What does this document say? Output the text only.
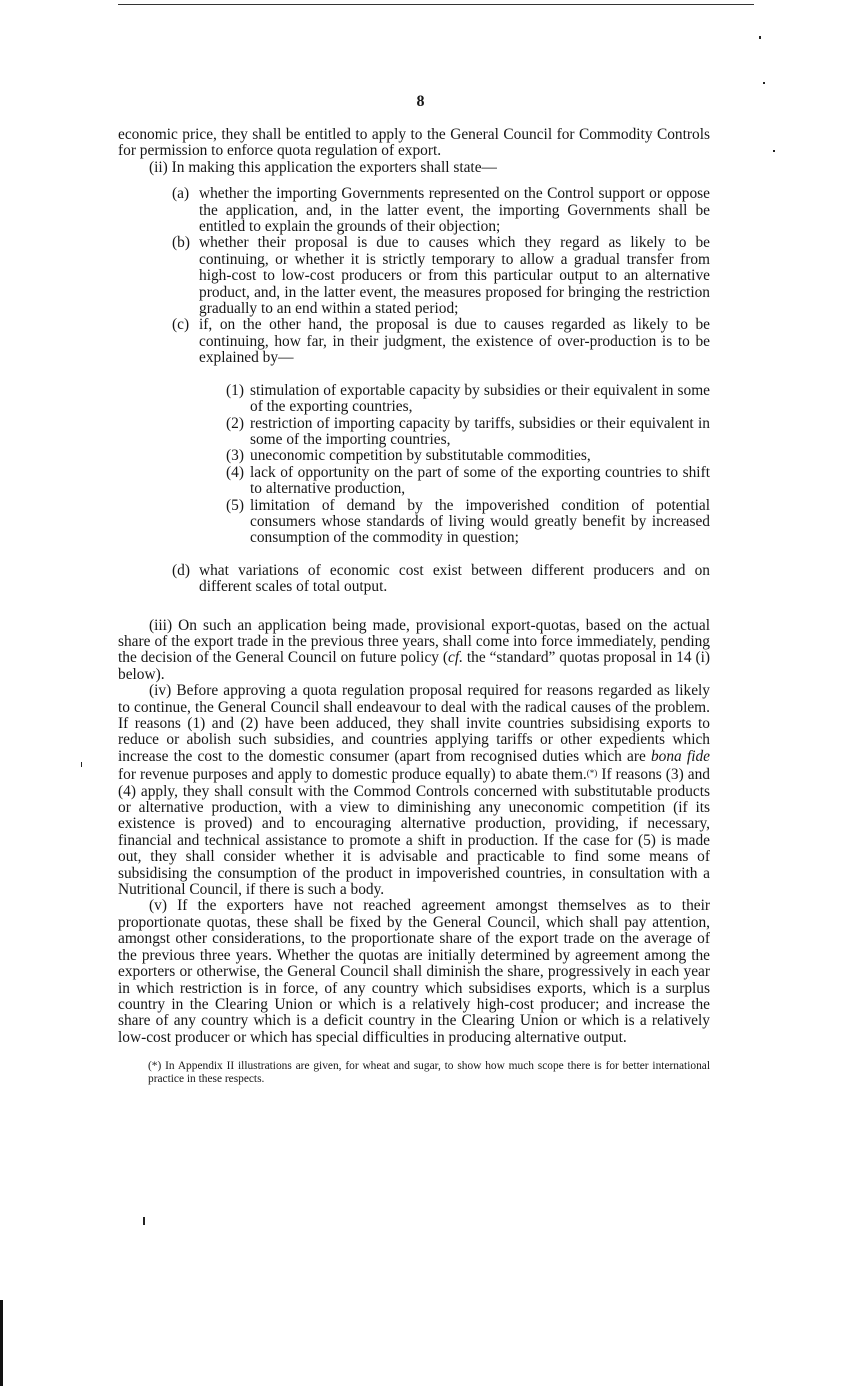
8

economic price, they shall be entitled to apply to the General Council for Commodity Controls for permission to enforce quota regulation of export.

(ii) In making this application the exporters shall state—

(a) whether the importing Governments represented on the Control support or oppose the application, and, in the latter event, the importing Governments shall be entitled to explain the grounds of their objection;

(b) whether their proposal is due to causes which they regard as likely to be continuing, or whether it is strictly temporary to allow a gradual transfer from high-cost to low-cost producers or from this particular output to an alternative product, and, in the latter event, the measures proposed for bringing the restriction gradually to an end within a stated period;

(c) if, on the other hand, the proposal is due to causes regarded as likely to be continuing, how far, in their judgment, the existence of over-production is to be explained by—

(1) stimulation of exportable capacity by subsidies or their equivalent in some of the exporting countries,

(2) restriction of importing capacity by tariffs, subsidies or their equivalent in some of the importing countries,

(3) uneconomic competition by substitutable commodities,

(4) lack of opportunity on the part of some of the exporting countries to shift to alternative production,

(5) limitation of demand by the impoverished condition of potential consumers whose standards of living would greatly benefit by increased consumption of the commodity in question;

(d) what variations of economic cost exist between different producers and on different scales of total output.

(iii) On such an application being made, provisional export-quotas, based on the actual share of the export trade in the previous three years, shall come into force immediately, pending the decision of the General Council on future policy (cf. the “standard” quotas proposal in 14 (i) below).

(iv) Before approving a quota regulation proposal required for reasons regarded as likely to continue, the General Council shall endeavour to deal with the radical causes of the problem. If reasons (1) and (2) have been adduced, they shall invite countries subsidising exports to reduce or abolish such subsidies, and countries applying tariffs or other expedients which increase the cost to the domestic consumer (apart from recognised duties which are bona fide for revenue purposes and apply to domestic produce equally) to abate them.(*) If reasons (3) and (4) apply, they shall consult with the Commod Controls concerned with substitutable products or alternative production, with a view to diminishing any uneconomic competition (if its existence is proved) and to encouraging alternative production, providing, if necessary, financial and technical assistance to promote a shift in production. If the case for (5) is made out, they shall consider whether it is advisable and practicable to find some means of subsidising the consumption of the product in impoverished countries, in consultation with a Nutritional Council, if there is such a body.

(v) If the exporters have not reached agreement amongst themselves as to their proportionate quotas, these shall be fixed by the General Council, which shall pay attention, amongst other considerations, to the proportionate share of the export trade on the average of the previous three years. Whether the quotas are initially determined by agreement among the exporters or otherwise, the General Council shall diminish the share, progressively in each year in which restriction is in force, of any country which subsidises exports, which is a surplus country in the Clearing Union or which is a relatively high-cost producer; and increase the share of any country which is a deficit country in the Clearing Union or which is a relatively low-cost producer or which has special difficulties in producing alternative output.

(*) In Appendix II illustrations are given, for wheat and sugar, to show how much scope there is for better international practice in these respects.
